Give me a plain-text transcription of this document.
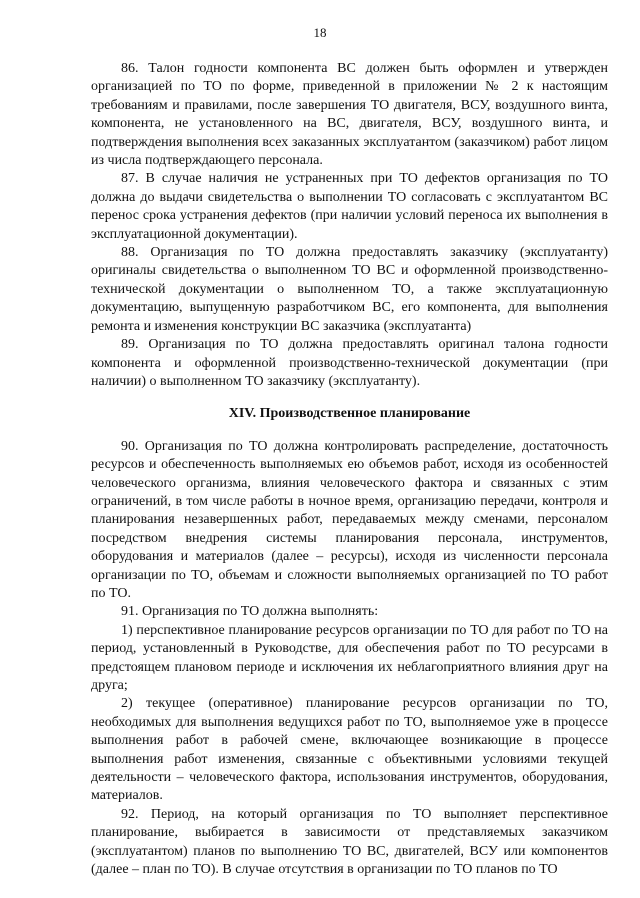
18

86. Талон годности компонента ВС должен быть оформлен и утвержден организацией по ТО по форме, приведенной в приложении № 2 к настоящим требованиям и правилами, после завершения ТО двигателя, ВСУ, воздушного винта, компонента, не установленного на ВС, двигателя, ВСУ, воздушного винта, и подтверждения выполнения всех заказанных эксплуатантом (заказчиком) работ лицом из числа подтверждающего персонала.

87. В случае наличия не устраненных при ТО дефектов организация по ТО должна до выдачи свидетельства о выполнении ТО согласовать с эксплуатантом ВС перенос срока устранения дефектов (при наличии условий переноса их выполнения в эксплуатационной документации).

88. Организация по ТО должна предоставлять заказчику (эксплуатанту) оригиналы свидетельства о выполненном ТО ВС и оформленной производственно-технической документации о выполненном ТО, а также эксплуатационную документацию, выпущенную разработчиком ВС, его компонента, для выполнения ремонта и изменения конструкции ВС заказчика (эксплуатанта)

89. Организация по ТО должна предоставлять оригинал талона годности компонента и оформленной производственно-технической документации (при наличии) о выполненном ТО заказчику (эксплуатанту).

XIV. Производственное планирование

90. Организация по ТО должна контролировать распределение, достаточность ресурсов и обеспеченность выполняемых ею объемов работ, исходя из особенностей человеческого организма, влияния человеческого фактора и связанных с этим ограничений, в том числе работы в ночное время, организацию передачи, контроля и планирования незавершенных работ, передаваемых между сменами, персоналом посредством внедрения системы планирования персонала, инструментов, оборудования и материалов (далее – ресурсы), исходя из численности персонала организации по ТО, объемам и сложности выполняемых организацией по ТО работ по ТО.

91. Организация по ТО должна выполнять:

1) перспективное планирование ресурсов организации по ТО для работ по ТО на период, установленный в Руководстве, для обеспечения работ по ТО ресурсами в предстоящем плановом периоде и исключения их неблагоприятного влияния друг на друга;

2) текущее (оперативное) планирование ресурсов организации по ТО, необходимых для выполнения ведущихся работ по ТО, выполняемое уже в процессе выполнения работ в рабочей смене, включающее возникающие в процессе выполнения работ изменения, связанные с объективными условиями текущей деятельности – человеческого фактора, использования инструментов, оборудования, материалов.

92. Период, на который организация по ТО выполняет перспективное планирование, выбирается в зависимости от представляемых заказчиком (эксплуатантом) планов по выполнению ТО ВС, двигателей, ВСУ или компонентов (далее – план по ТО). В случае отсутствия в организации по ТО планов по ТО
